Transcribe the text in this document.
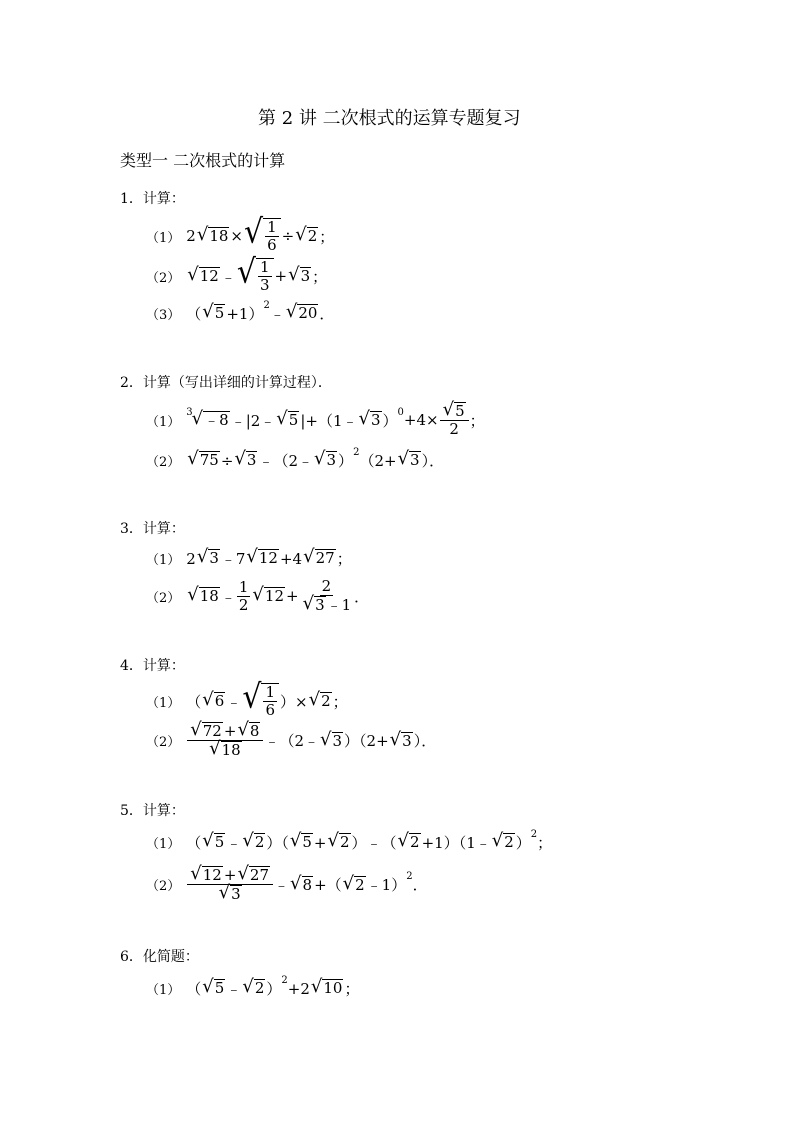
第 2 讲 二次根式的运算专题复习
类型一 二次根式的计算
1．计算：
（1） 2 √ 18 × √ $\frac{1}{6}$ ÷ √ 2 ；
（2） √ 12 ﹣ √ $\frac{1}{3}$ + √ 3 ；
（3） （ √ 5 +1） 2 ﹣ √ 20 ．
2．计算（写出详细的计算过程）．
（1）
3 √ ﹣8 ﹣|2﹣ √ 5 |+（1﹣ √ 3 ） $0 +4\times \frac{√ 5}{2}$ ；
（2） √ 75 ÷ √ 3 ﹣（2﹣ √ 3 ） 2 （2+ √ 3 ）．
3．计算：
（1） 2 √ 3 ﹣7 √ 12 +4 √ 27 ；
（2） √ 18 ﹣ $\frac{1}{2}$ √ $12 + \frac{2}{√ 3 ﹣1}$ ．
4．计算：
（1） （ √ 6 ﹣ √ $\frac{1}{6}$ ）× √ 2 ；
$(2) \frac{√ 72 + √ 8}{√ 18}$ ﹣（2﹣ √ 3 ）（2+ √ 3 ）．
5．计算：
（1） （ √ 5 ﹣ √ 2 ）（ √ 5 + √ 2 ）﹣（ √ 2 +1）（1﹣ √ 2 ） 2 ；
$(2) \frac{√ 12 + √ 27}{√ 3}$ ﹣ √ 8 +（ √ 2 ﹣1） 2 ．
6．化简题：
（1） （ √ 5 ﹣ √ 2 ） 2 +2 √ 10 ；
